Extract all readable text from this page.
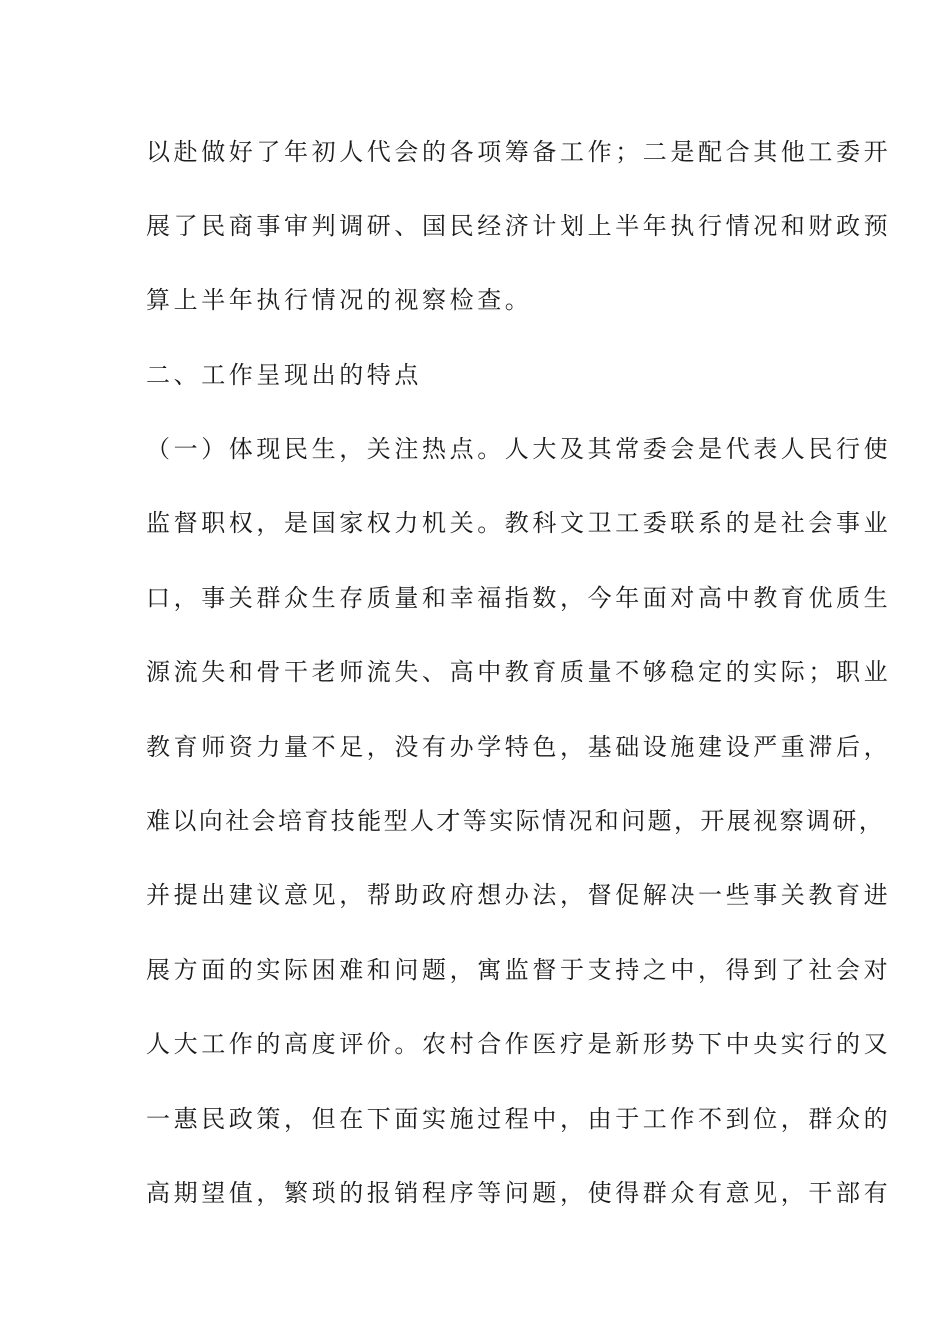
以赴做好了年初人代会的各项筹备工作；二是配合其他工委开
展了民商事审判调研、国民经济计划上半年执行情况和财政预
算上半年执行情况的视察检查。
二、工作呈现出的特点
（一）体现民生，关注热点。人大及其常委会是代表人民行使
监督职权，是国家权力机关。教科文卫工委联系的是社会事业
口，事关群众生存质量和幸福指数，今年面对高中教育优质生
源流失和骨干老师流失、高中教育质量不够稳定的实际；职业
教育师资力量不足，没有办学特色，基础设施建设严重滞后，
难以向社会培育技能型人才等实际情况和问题，开展视察调研，
并提出建议意见，帮助政府想办法，督促解决一些事关教育进
展方面的实际困难和问题，寓监督于支持之中，得到了社会对
人大工作的高度评价。农村合作医疗是新形势下中央实行的又
一惠民政策，但在下面实施过程中，由于工作不到位，群众的
高期望值，繁琐的报销程序等问题，使得群众有意见，干部有
